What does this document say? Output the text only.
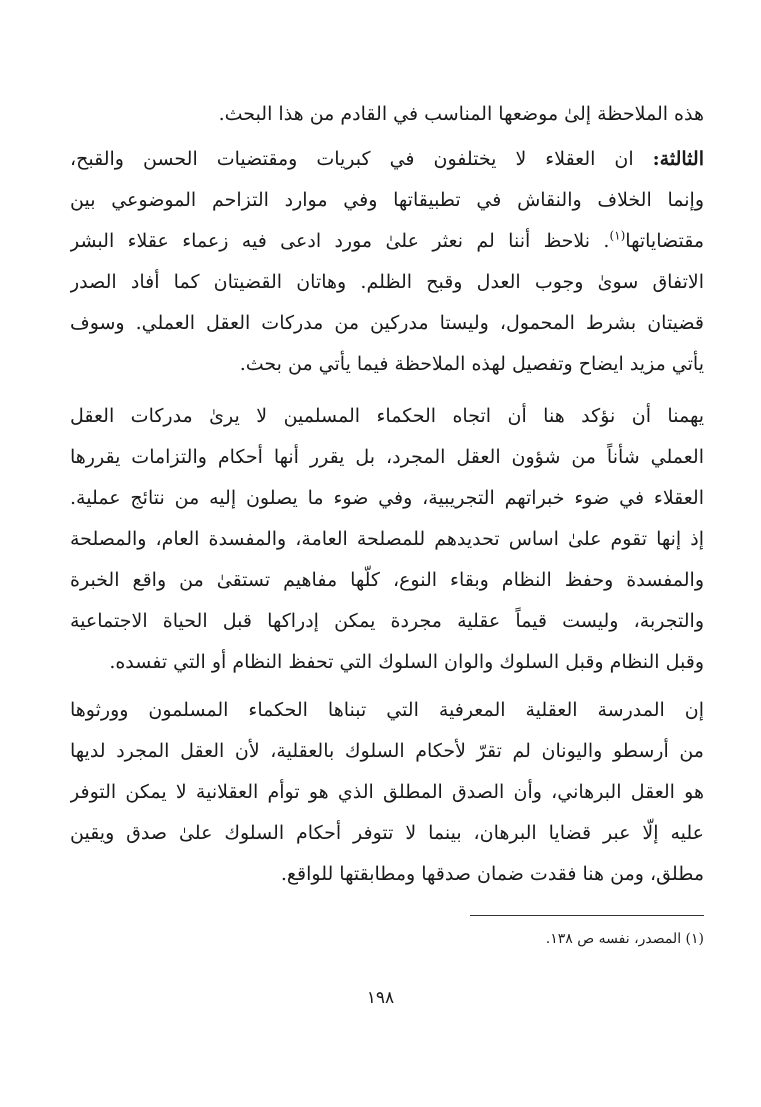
هذه الملاحظة إلىٰ موضعها المناسب في القادم من هذا البحث.
الثالثة: ان العقلاء لا يختلفون في كبريات ومقتضيات الحسن والقبح،
وإنما الخلاف والنقاش في تطبيقاتها وفي موارد التزاحم الموضوعي بين
مقتضاياتها$^{(١)}$. نلاحظ أننا لم نعثر علىٰ مورد ادعى فيه زعماء عقلاء البشر
الاتفاق سوىٰ وجوب العدل وقبح الظلم. وهاتان القضيتان كما أفاد الصدر
قضيتان بشرط المحمول، وليستا مدركين من مدركات العقل العملي. وسوف
يأتي مزيد ايضاح وتفصيل لهذه الملاحظة فيما يأتي من بحث.
يهمنا أن نؤكد هنا أن اتجاه الحكماء المسلمين لا يرىٰ مدركات العقل
العملي شأناً من شؤون العقل المجرد، بل يقرر أنها أحكام والتزامات يقررها
العقلاء في ضوء خبراتهم التجريبية، وفي ضوء ما يصلون إليه من نتائج عملية.
إذ إنها تقوم علىٰ اساس تحديدهم للمصلحة العامة، والمفسدة العام، والمصلحة
والمفسدة وحفظ النظام وبقاء النوع، كلّها مفاهيم تستقىٰ من واقع الخبرة
والتجربة، وليست قيماً عقلية مجردة يمكن إدراكها قبل الحياة الاجتماعية
وقبل النظام وقبل السلوك والوان السلوك التي تحفظ النظام أو التي تفسده.
إن المدرسة العقلية المعرفية التي تبناها الحكماء المسلمون وورثوها
من أرسطو واليونان لم تقرّ لأحكام السلوك بالعقلية، لأن العقل المجرد لديها
هو العقل البرهاني، وأن الصدق المطلق الذي هو توأم العقلانية لا يمكن التوفر
عليه إلّا عبر قضايا البرهان، بينما لا تتوفر أحكام السلوك علىٰ صدق ويقين
مطلق، ومن هنا فقدت ضمان صدقها ومطابقتها للواقع.
(١) المصدر، نفسه ص ١٣٨.
١٩٨
